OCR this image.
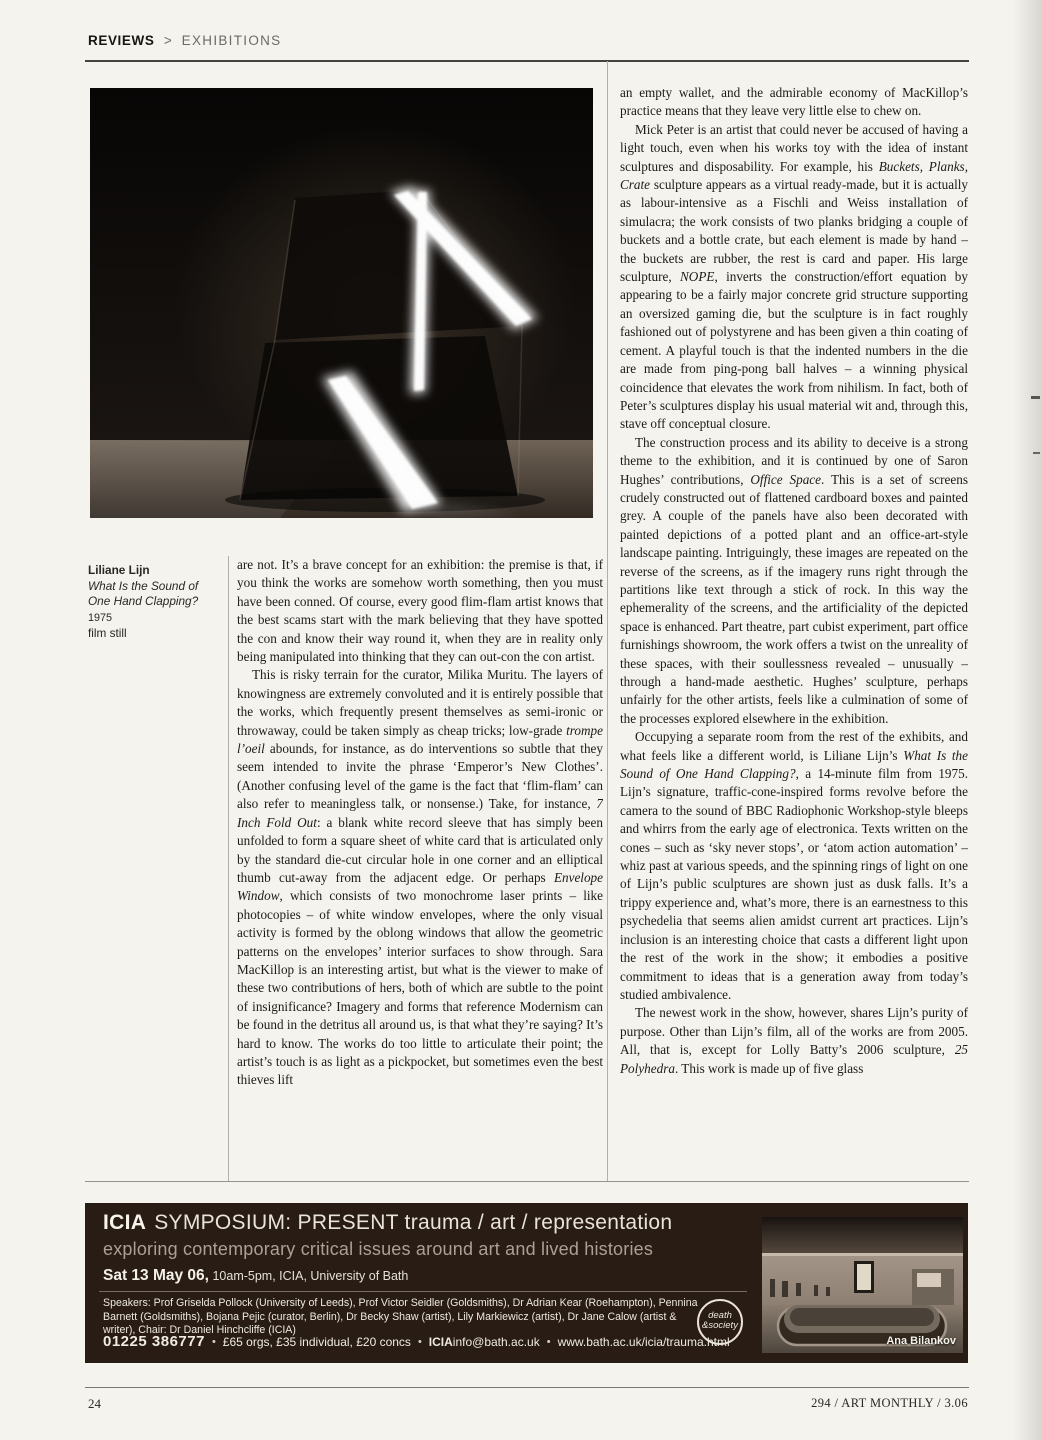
REVIEWS > EXHIBITIONS
Liliane Lijn
What Is the Sound of One Hand Clapping? 1975
film still

are not. It’s a brave concept for an exhibition: the premise is that, if you think the works are somehow worth something, then you must have been conned. Of course, every good flim-flam artist knows that the best scams start with the mark believing that they have spotted the con and know their way round it, when they are in reality only being manipulated into thinking that they can out-con the con artist.

This is risky terrain for the curator, Milika Muritu. The layers of knowingness are extremely convoluted and it is entirely possible that the works, which frequently present themselves as semi-ironic or throwaway, could be taken simply as cheap tricks; low-grade trompe l’oeil abounds, for instance, as do interventions so subtle that they seem intended to invite the phrase ‘Emperor’s New Clothes’. (Another confusing level of the game is the fact that ‘flim-flam’ can also refer to meaningless talk, or nonsense.) Take, for instance, 7 Inch Fold Out: a blank white record sleeve that has simply been unfolded to form a square sheet of white card that is articulated only by the standard die-cut circular hole in one corner and an elliptical thumb cut-away from the adjacent edge. Or perhaps Envelope Window, which consists of two monochrome laser prints – like photocopies – of white window envelopes, where the only visual activity is formed by the oblong windows that allow the geometric patterns on the envelopes’ interior surfaces to show through. Sara MacKillop is an interesting artist, but what is the viewer to make of these two contributions of hers, both of which are subtle to the point of insignificance? Imagery and forms that reference Modernism can be found in the detritus all around us, is that what they’re saying? It’s hard to know. The works do too little to articulate their point; the artist’s touch is as light as a pickpocket, but sometimes even the best thieves lift

an empty wallet, and the admirable economy of MacKillop’s practice means that they leave very little else to chew on.

Mick Peter is an artist that could never be accused of having a light touch, even when his works toy with the idea of instant sculptures and disposability. For example, his Buckets, Planks, Crate sculpture appears as a virtual ready-made, but it is actually as labour-intensive as a Fischli and Weiss installation of simulacra; the work consists of two planks bridging a couple of buckets and a bottle crate, but each element is made by hand – the buckets are rubber, the rest is card and paper. His large sculpture, NOPE, inverts the construction/effort equation by appearing to be a fairly major concrete grid structure supporting an oversized gaming die, but the sculpture is in fact roughly fashioned out of polystyrene and has been given a thin coating of cement. A playful touch is that the indented numbers in the die are made from ping-pong ball halves – a winning physical coincidence that elevates the work from nihilism. In fact, both of Peter’s sculptures display his usual material wit and, through this, stave off conceptual closure.

The construction process and its ability to deceive is a strong theme to the exhibition, and it is continued by one of Saron Hughes’ contributions, Office Space. This is a set of screens crudely constructed out of flattened cardboard boxes and painted grey. A couple of the panels have also been decorated with painted depictions of a potted plant and an office-art-style landscape painting. Intriguingly, these images are repeated on the reverse of the screens, as if the imagery runs right through the partitions like text through a stick of rock. In this way the ephemerality of the screens, and the artificiality of the depicted space is enhanced. Part theatre, part cubist experiment, part office furnishings showroom, the work offers a twist on the unreality of these spaces, with their soullessness revealed – unusually – through a hand-made aesthetic. Hughes’ sculpture, perhaps unfairly for the other artists, feels like a culmination of some of the processes explored elsewhere in the exhibition.

Occupying a separate room from the rest of the exhibits, and what feels like a different world, is Liliane Lijn’s What Is the Sound of One Hand Clapping?, a 14-minute film from 1975. Lijn’s signature, traffic-cone-inspired forms revolve before the camera to the sound of BBC Radiophonic Workshop-style bleeps and whirrs from the early age of electronica. Texts written on the cones – such as ‘sky never stops’, or ‘atom action automation’ – whiz past at various speeds, and the spinning rings of light on one of Lijn’s public sculptures are shown just as dusk falls. It’s a trippy experience and, what’s more, there is an earnestness to this psychedelia that seems alien amidst current art practices. Lijn’s inclusion is an interesting choice that casts a different light upon the rest of the work in the show; it embodies a positive commitment to ideas that is a generation away from today’s studied ambivalence.

The newest work in the show, however, shares Lijn’s purity of purpose. Other than Lijn’s film, all of the works are from 2005. All, that is, except for Lolly Batty’s 2006 sculpture, 25 Polyhedra. This work is made up of five glass

ICIA SYMPOSIUM: PRESENT trauma / art / representation
exploring contemporary critical issues around art and lived histories
Sat 13 May 06, 10am-5pm, ICIA, University of Bath
Speakers: Prof Griselda Pollock (University of Leeds), Prof Victor Seidler (Goldsmiths), Dr Adrian Kear (Roehampton), Pennina Barnett (Goldsmiths), Bojana Pejic (curator, Berlin), Dr Becky Shaw (artist), Lily Markiewicz (artist), Dr Jane Calow (artist & writer), Chair: Dr Daniel Hinchcliffe (ICIA)
01225 386777 • £65 orgs, £35 individual, £20 concs • ICIAinfo@bath.ac.uk • www.bath.ac.uk/icia/trauma.html
death
&society
Ana Bilankov
24	294 / ART MONTHLY / 3.06
